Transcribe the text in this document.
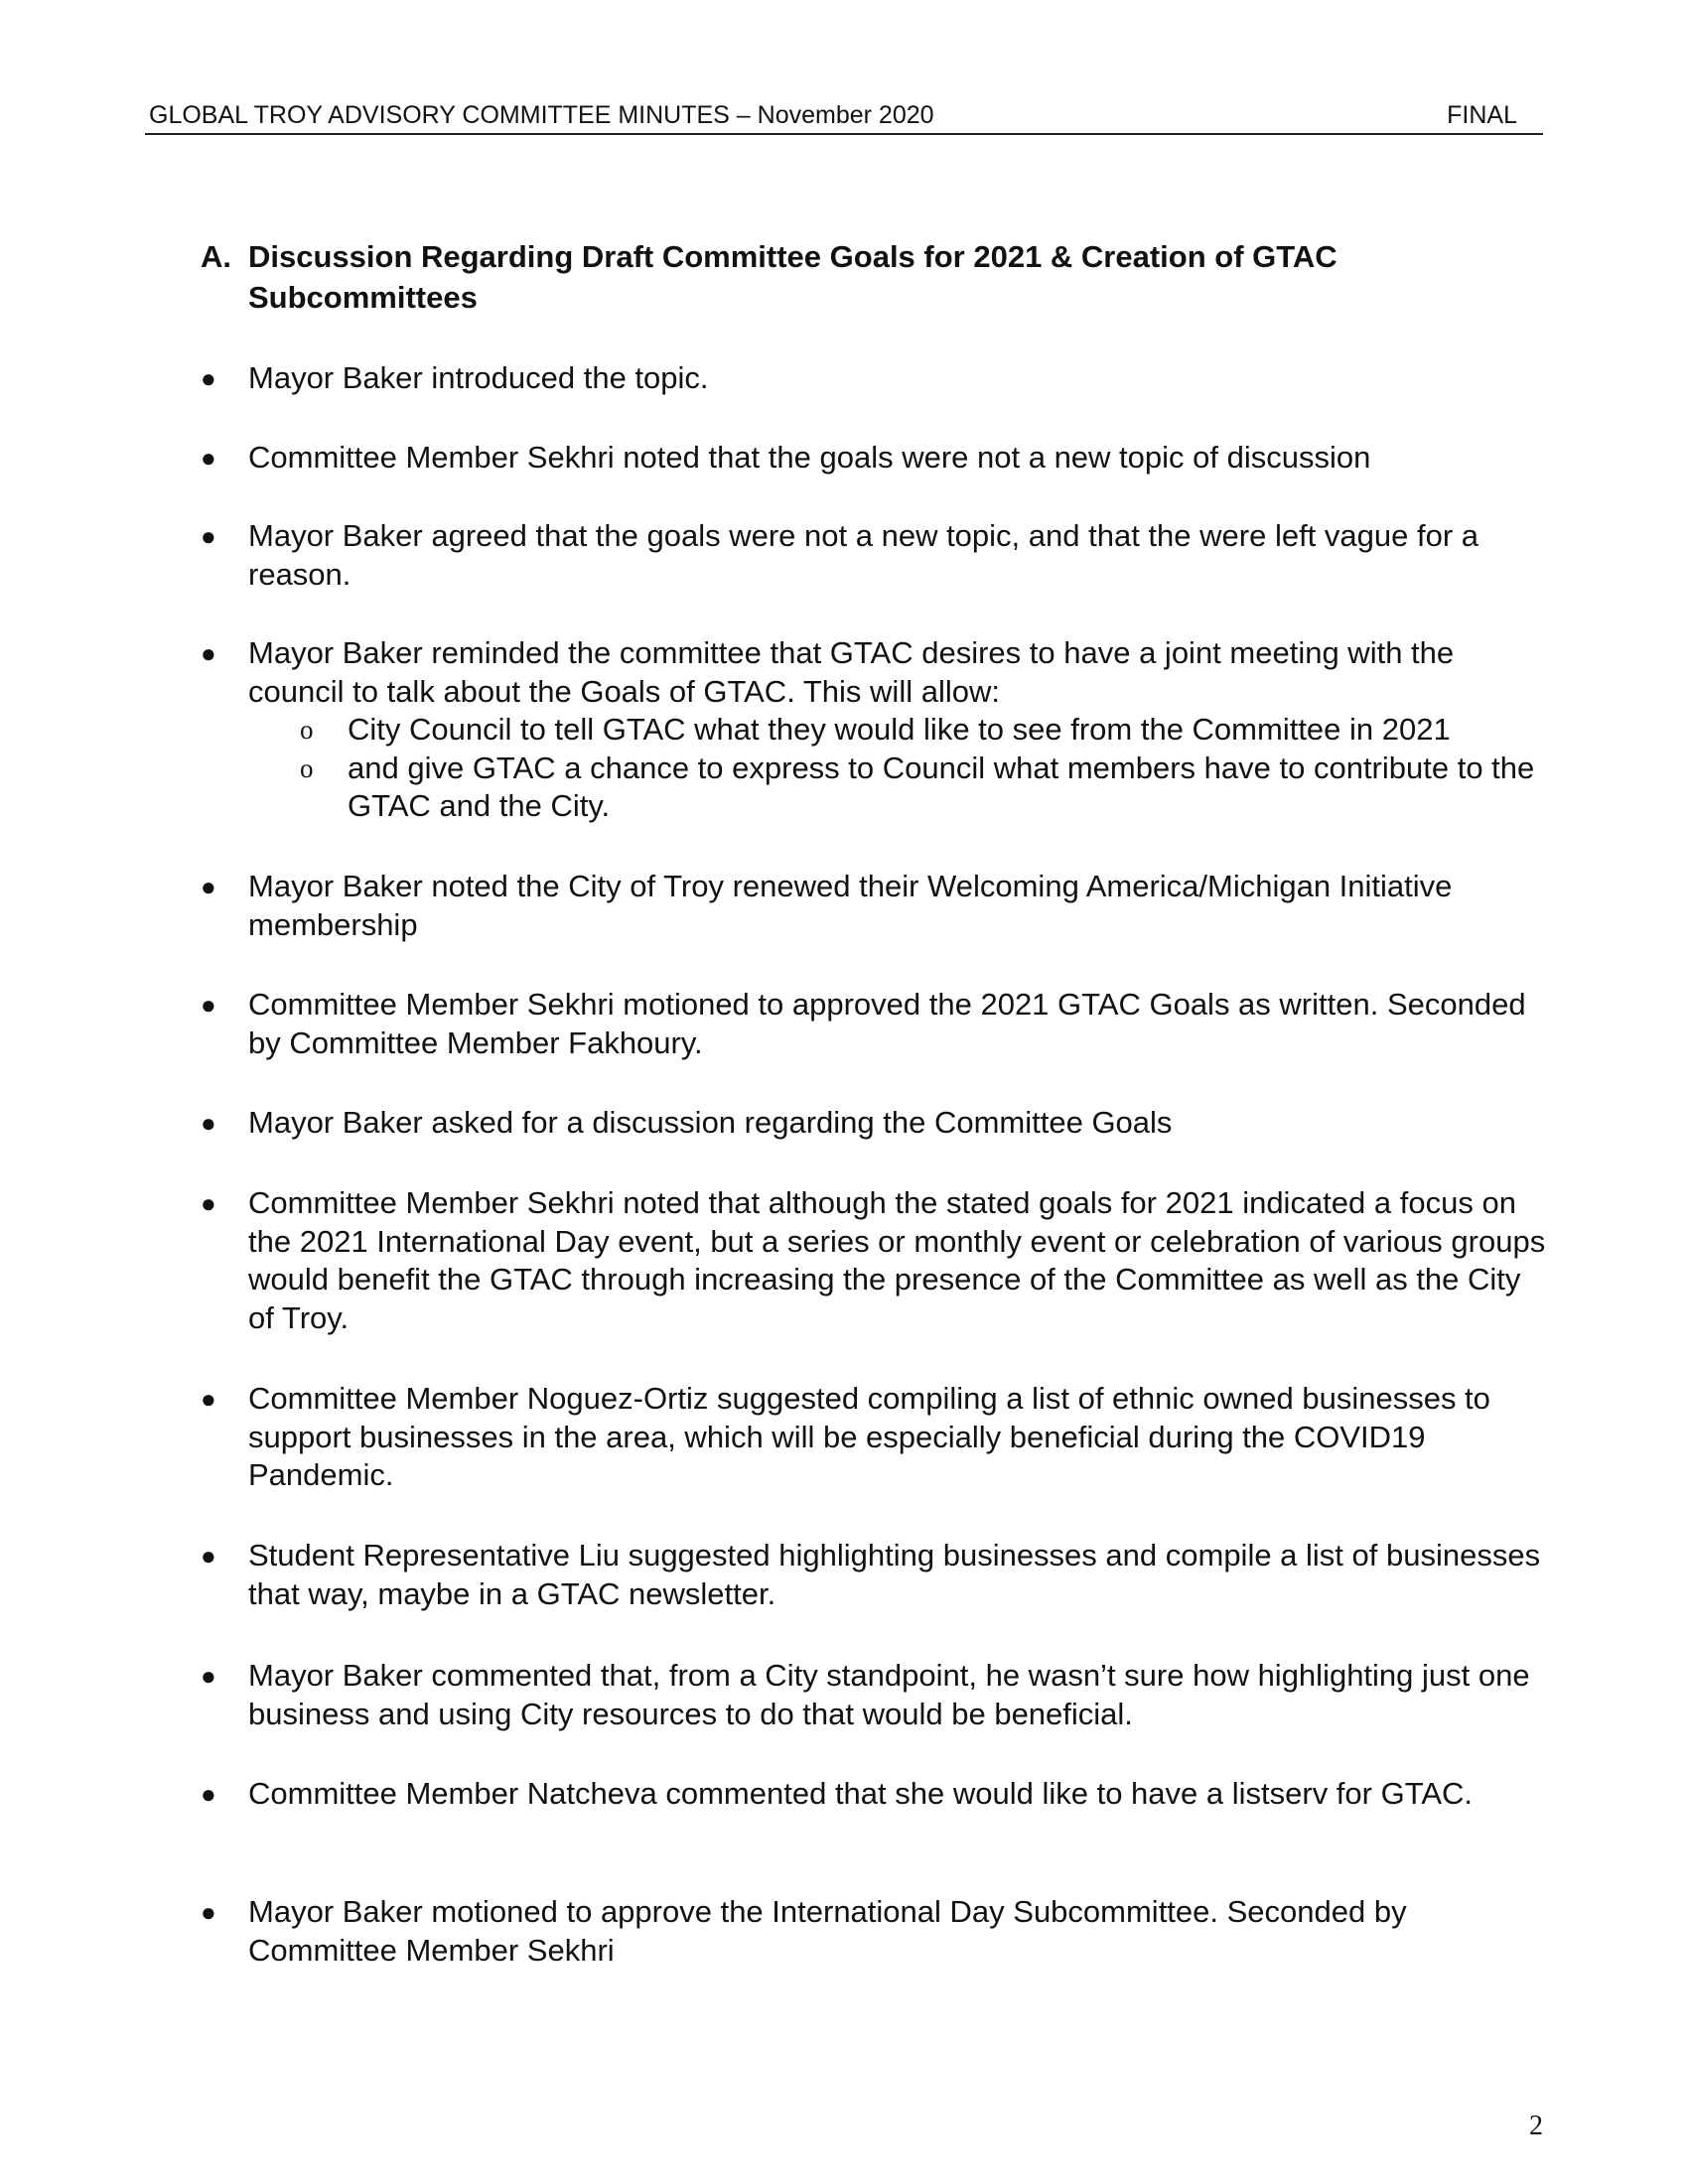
GLOBAL TROY ADVISORY COMMITTEE MINUTES – November 2020	FINAL
A. Discussion Regarding Draft Committee Goals for 2021 & Creation of GTAC Subcommittees
● Mayor Baker introduced the topic.
● Committee Member Sekhri noted that the goals were not a new topic of discussion
● Mayor Baker agreed that the goals were not a new topic, and that the were left vague for a reason.
● Mayor Baker reminded the committee that GTAC desires to have a joint meeting with the council to talk about the Goals of GTAC. This will allow:
o City Council to tell GTAC what they would like to see from the Committee in 2021
o and give GTAC a chance to express to Council what members have to contribute to the GTAC and the City.
● Mayor Baker noted the City of Troy renewed their Welcoming America/Michigan Initiative membership
● Committee Member Sekhri motioned to approved the 2021 GTAC Goals as written. Seconded by Committee Member Fakhoury.
● Mayor Baker asked for a discussion regarding the Committee Goals
● Committee Member Sekhri noted that although the stated goals for 2021 indicated a focus on the 2021 International Day event, but a series or monthly event or celebration of various groups would benefit the GTAC through increasing the presence of the Committee as well as the City of Troy.
● Committee Member Noguez-Ortiz suggested compiling a list of ethnic owned businesses to support businesses in the area, which will be especially beneficial during the COVID19 Pandemic.
● Student Representative Liu suggested highlighting businesses and compile a list of businesses that way, maybe in a GTAC newsletter.
● Mayor Baker commented that, from a City standpoint, he wasn’t sure how highlighting just one business and using City resources to do that would be beneficial.
● Committee Member Natcheva commented that she would like to have a listserv for GTAC.
● Mayor Baker motioned to approve the International Day Subcommittee. Seconded by Committee Member Sekhri
2
